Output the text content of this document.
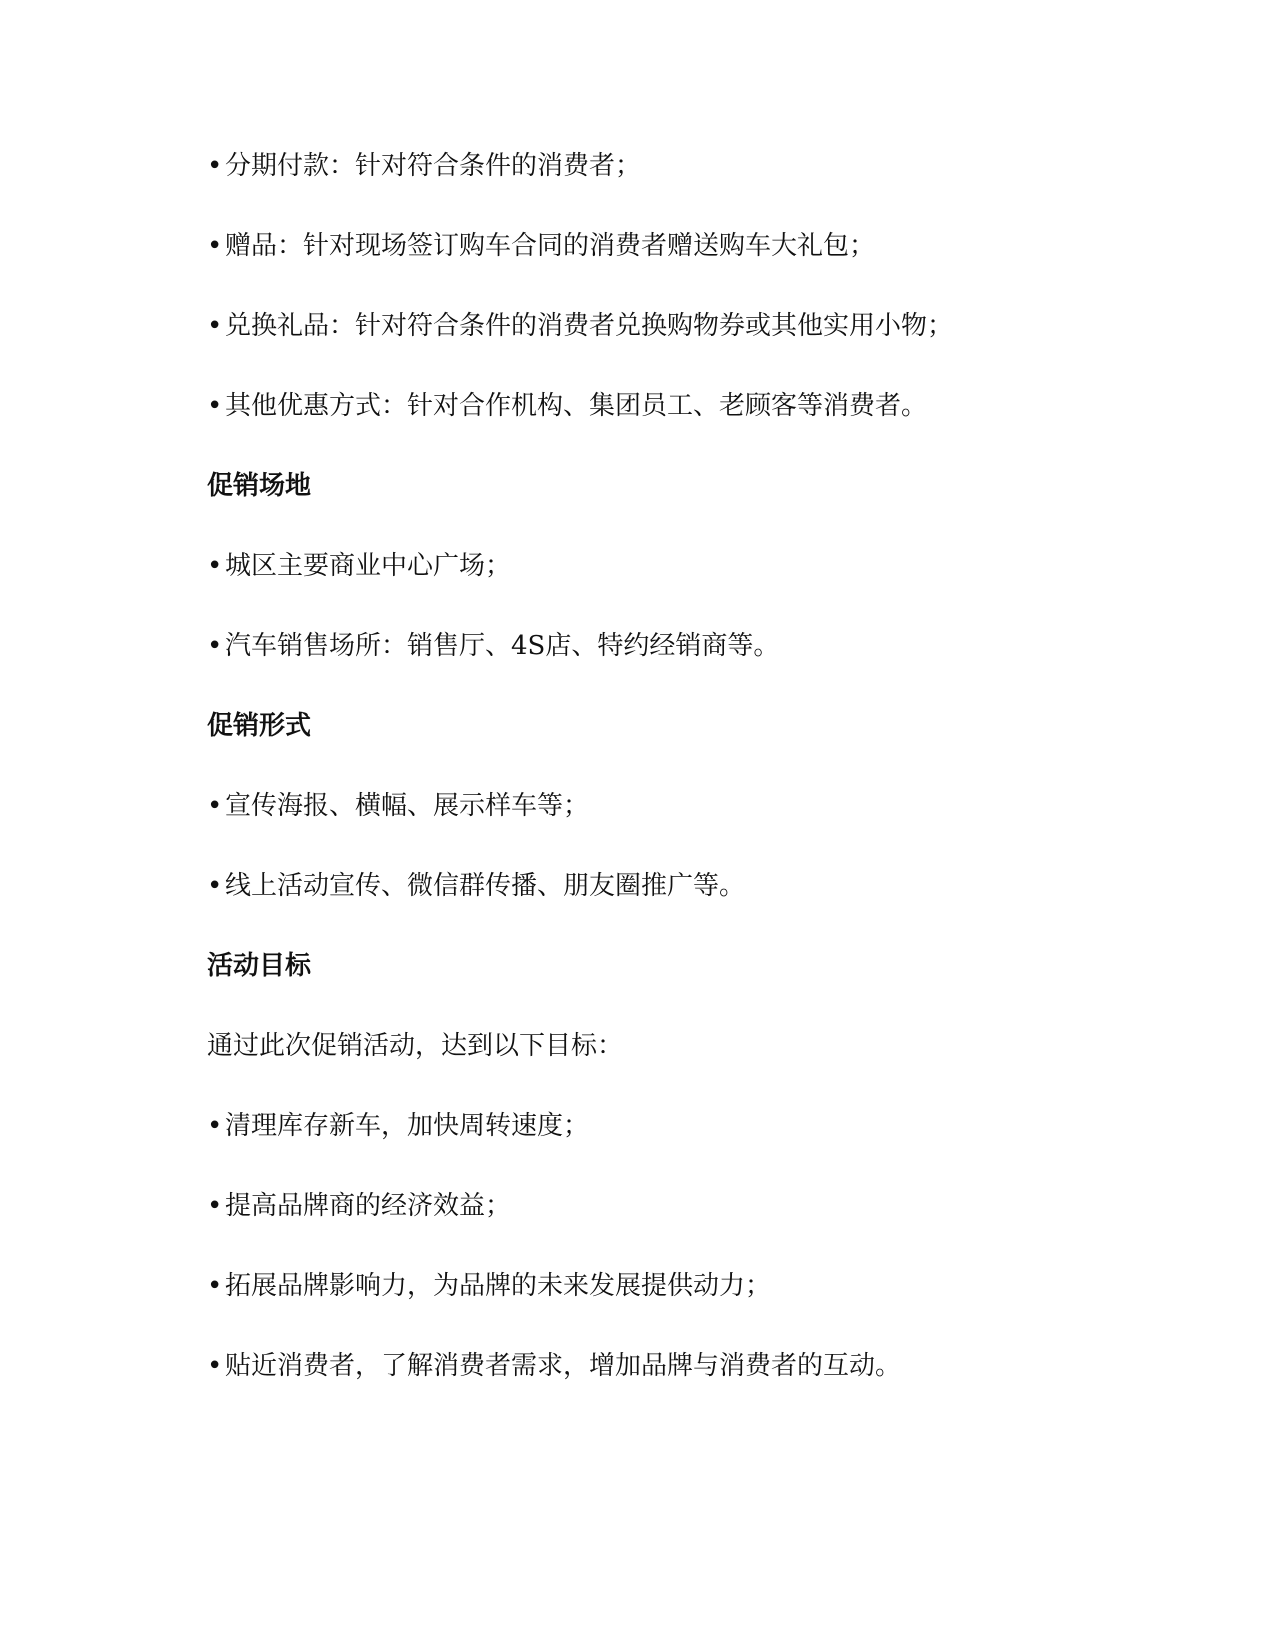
• 分期付款：针对符合条件的消费者；
• 赠品：针对现场签订购车合同的消费者赠送购车大礼包；
• 兑换礼品：针对符合条件的消费者兑换购物券或其他实用小物；
• 其他优惠方式：针对合作机构、集团员工、老顾客等消费者。
促销场地
• 城区主要商业中心广场；
• 汽车销售场所：销售厅、4S店、特约经销商等。
促销形式
• 宣传海报、横幅、展示样车等；
• 线上活动宣传、微信群传播、朋友圈推广等。
活动目标
通过此次促销活动，达到以下目标：
• 清理库存新车，加快周转速度；
• 提高品牌商的经济效益；
• 拓展品牌影响力，为品牌的未来发展提供动力；
• 贴近消费者，了解消费者需求，增加品牌与消费者的互动。
